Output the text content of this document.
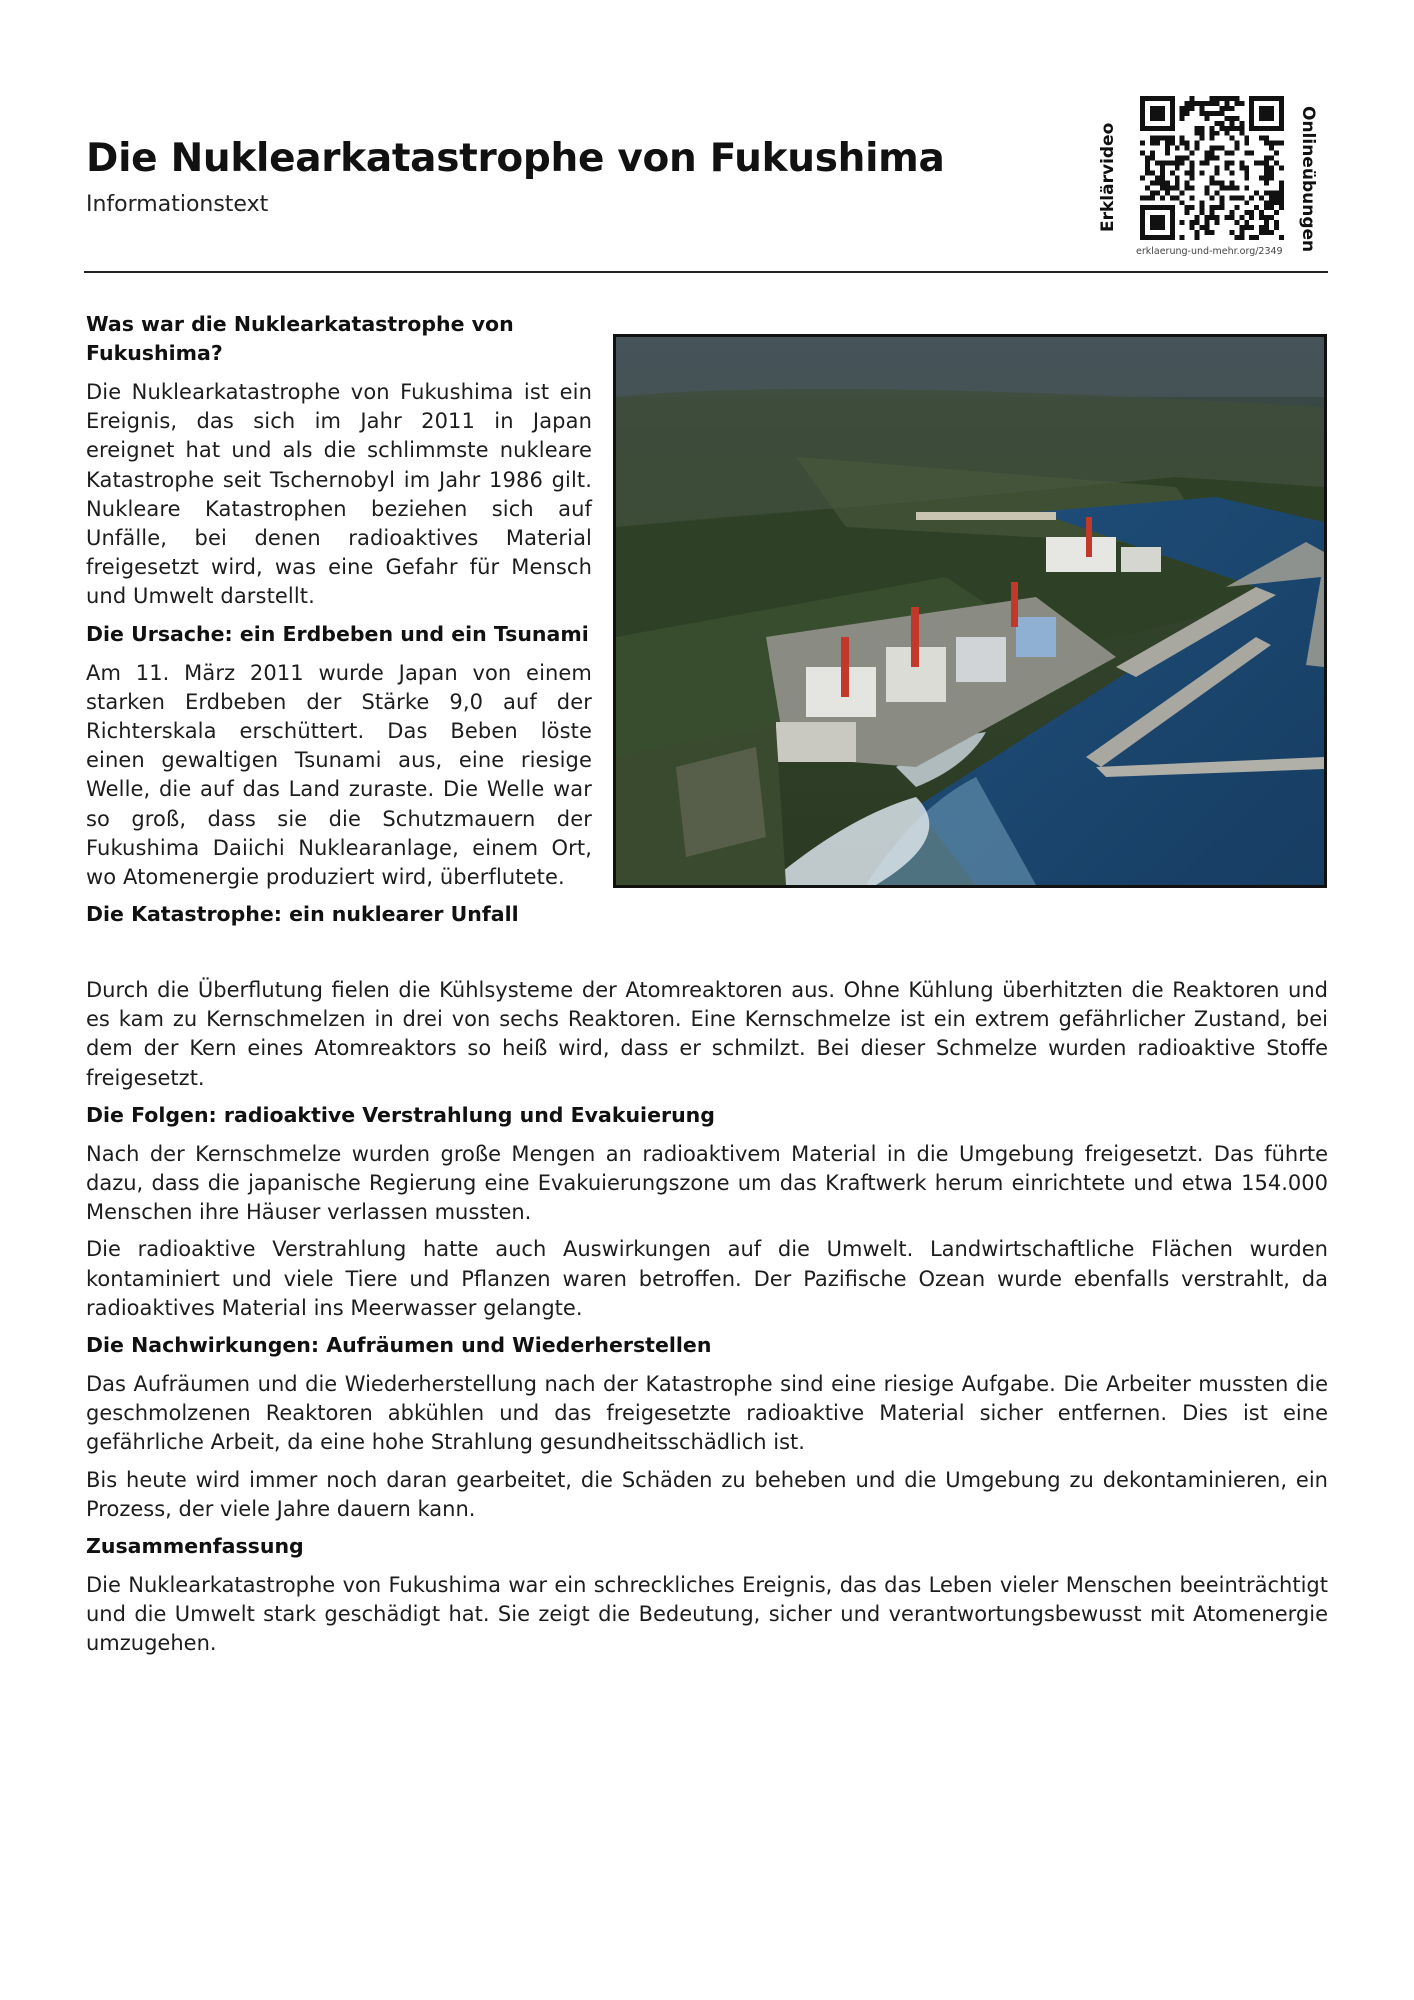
Die Nuklearkatastrophe von Fukushima
Informationstext	Erklärvideo	Onlineübungen
erklaerung-und-mehr.org/2349
Was war die Nuklearkatastrophe von Fukushima?

Die Nuklearkatastrophe von Fukushima ist ein Ereignis, das sich im Jahr 2011 in Japan ereignet hat und als die schlimmste nukleare Katastrophe seit Tschernobyl im Jahr 1986 gilt. Nukleare Katastrophen beziehen sich auf Unfälle, bei denen radioaktives Material freigesetzt wird, was eine Gefahr für Mensch und Umwelt darstellt.

Die Ursache: ein Erdbeben und ein Tsunami

Am 11. März 2011 wurde Japan von einem starken Erdbeben der Stärke 9,0 auf der Richterskala erschüttert. Das Beben löste einen gewaltigen Tsunami aus, eine riesige Welle, die auf das Land zuraste. Die Welle war so groß, dass sie die Schutzmauern der Fukushima Daiichi Nuklearanlage, einem Ort, wo Atomenergie produziert wird, überflutete.

Die Katastrophe: ein nuklearer Unfall

Durch die Überflutung fielen die Kühlsysteme der Atomreaktoren aus. Ohne Kühlung überhitzten die Reaktoren und es kam zu Kernschmelzen in drei von sechs Reaktoren. Eine Kernschmelze ist ein extrem gefährlicher Zustand, bei dem der Kern eines Atomreaktors so heiß wird, dass er schmilzt. Bei dieser Schmelze wurden radioaktive Stoffe freigesetzt.

Die Folgen: radioaktive Verstrahlung und Evakuierung

Nach der Kernschmelze wurden große Mengen an radioaktivem Material in die Umgebung freigesetzt. Das führte dazu, dass die japanische Regierung eine Evakuierungszone um das Kraftwerk herum einrichtete und etwa 154.000 Menschen ihre Häuser verlassen mussten.

Die radioaktive Verstrahlung hatte auch Auswirkungen auf die Umwelt. Landwirtschaftliche Flächen wurden kontaminiert und viele Tiere und Pflanzen waren betroffen. Der Pazifische Ozean wurde ebenfalls verstrahlt, da radioaktives Material ins Meerwasser gelangte.

Die Nachwirkungen: Aufräumen und Wiederherstellen

Das Aufräumen und die Wiederherstellung nach der Katastrophe sind eine riesige Aufgabe. Die Arbeiter mussten die geschmolzenen Reaktoren abkühlen und das freigesetzte radioaktive Material sicher entfernen. Dies ist eine gefährliche Arbeit, da eine hohe Strahlung gesundheitsschädlich ist.

Bis heute wird immer noch daran gearbeitet, die Schäden zu beheben und die Umgebung zu dekontaminieren, ein Prozess, der viele Jahre dauern kann.

Zusammenfassung

Die Nuklearkatastrophe von Fukushima war ein schreckliches Ereignis, das das Leben vieler Menschen beeinträchtigt und die Umwelt stark geschädigt hat. Sie zeigt die Bedeutung, sicher und verantwortungsbewusst mit Atomenergie umzugehen.
